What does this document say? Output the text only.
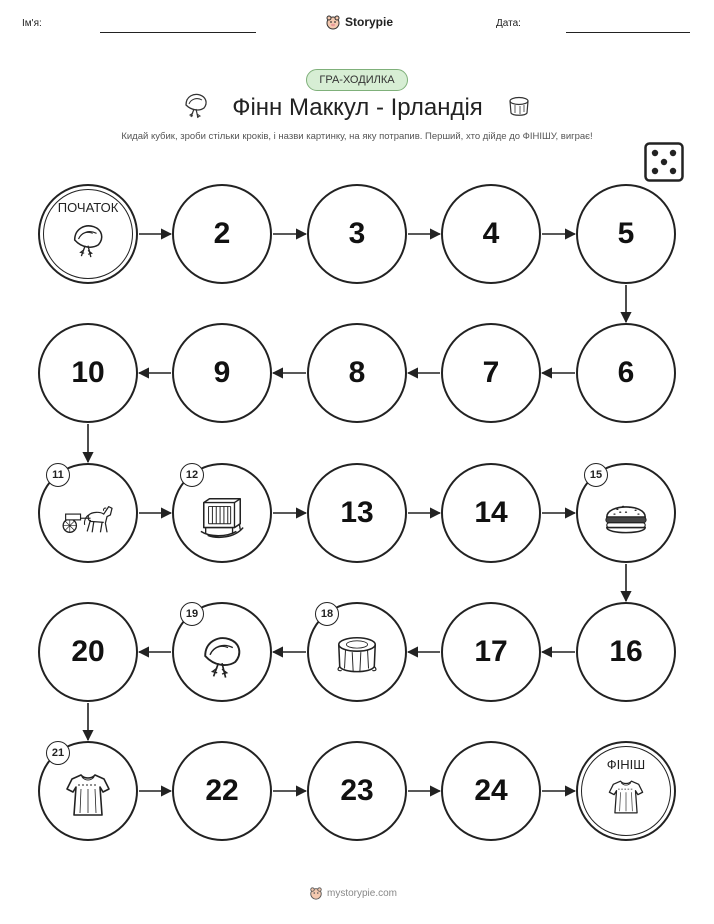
Ім'я:	Storypie	Дата:
ГРА-ХОДИЛКА
Фінн Маккул - Ірландія
Кидай кубик, зроби стільки кроків, і назви картинку, на яку потрапив. Перший, хто дійде до ФІНІШУ, виграє!
ПОЧАТОК
2	3	4	5
6
7
8
9
10
11	12
13	14
15
16
17
18
19
20
21
22	23	24
ФІНІШ
mystorypie.com
